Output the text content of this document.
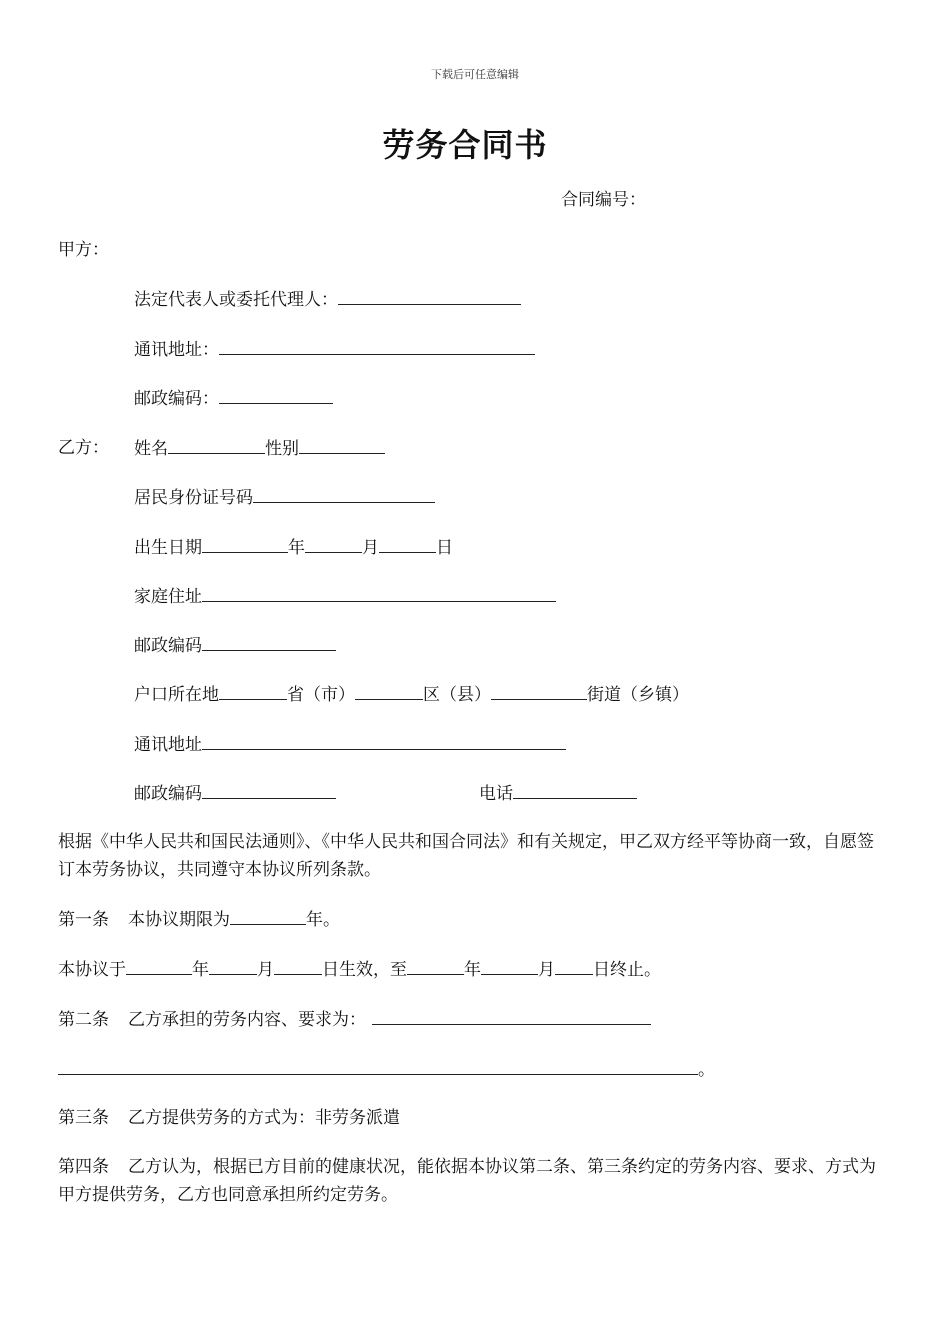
下载后可任意编辑
劳务合同书
合同编号：
甲方：
法定代表人或委托代理人：
通讯地址：
邮政编码：
乙方： 姓名	性别
居民身份证号码
出生日期	年	月	日
家庭住址
邮政编码
户口所在地	省（市）	区（县）	街道（乡镇）
通讯地址
邮政编码	电话
根据《中华人民共和国民法通则》、《中华人民共和国合同法》和有关规定，甲乙双方经平等协商一致，自愿签订本劳务协议，共同遵守本协议所列条款。
第一条 本协议期限为	年。
本协议于	年	月	日生效，至	年	月 日终止。
第二条 乙方承担的劳务内容、要求为：
。
第三条 乙方提供劳务的方式为：非劳务派遣
第四条 乙方认为，根据已方目前的健康状况，能依据本协议第二条、第三条约定的劳务内容、要求、方式为甲方提供劳务，乙方也同意承担所约定劳务。
